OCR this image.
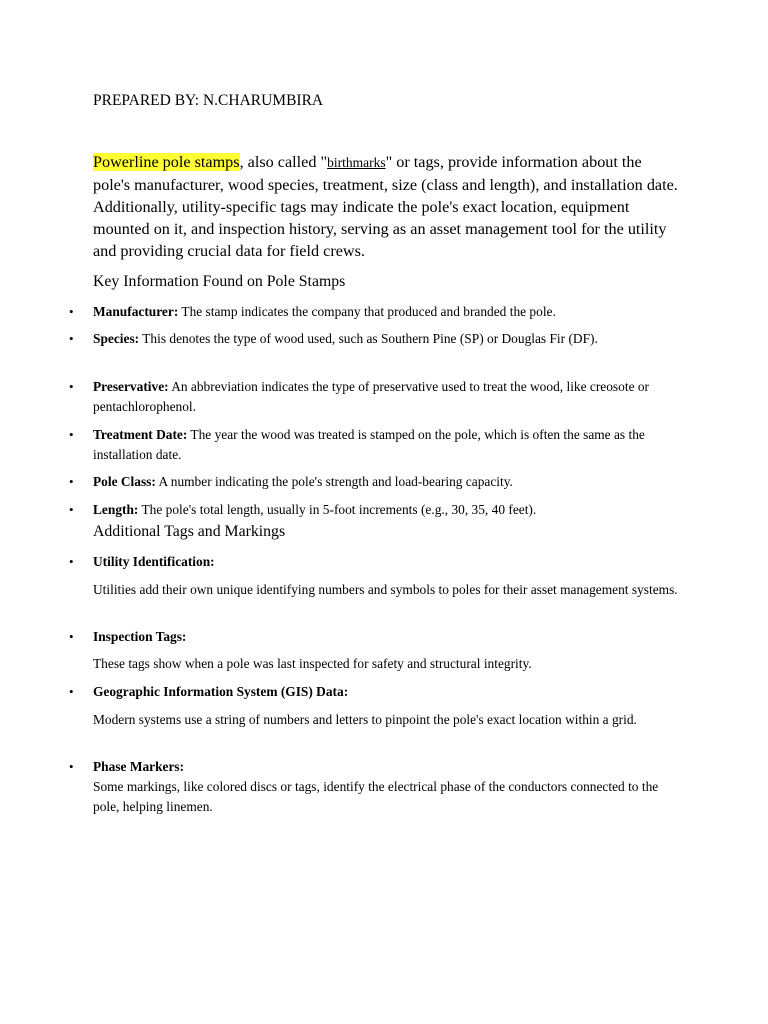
PREPARED BY: N.CHARUMBIRA

Powerline pole stamps, also called "birthmarks" or tags, provide information about the pole's manufacturer, wood species, treatment, size (class and length), and installation date. Additionally, utility-specific tags may indicate the pole's exact location, equipment mounted on it, and inspection history, serving as an asset management tool for the utility and providing crucial data for field crews.

Key Information Found on Pole Stamps
• Manufacturer: The stamp indicates the company that produced and branded the pole.
• Species: This denotes the type of wood used, such as Southern Pine (SP) or Douglas Fir (DF).
• Preservative: An abbreviation indicates the type of preservative used to treat the wood, like creosote or pentachlorophenol.
• Treatment Date: The year the wood was treated is stamped on the pole, which is often the same as the installation date.
• Pole Class: A number indicating the pole's strength and load-bearing capacity.
• Length: The pole's total length, usually in 5-foot increments (e.g., 30, 35, 40 feet).
Additional Tags and Markings
• Utility Identification:

Utilities add their own unique identifying numbers and symbols to poles for their asset management systems.

• Inspection Tags:

These tags show when a pole was last inspected for safety and structural integrity.

• Geographic Information System (GIS) Data:

Modern systems use a string of numbers and letters to pinpoint the pole's exact location within a grid.

• Phase Markers:

Some markings, like colored discs or tags, identify the electrical phase of the conductors connected to the pole, helping linemen.
